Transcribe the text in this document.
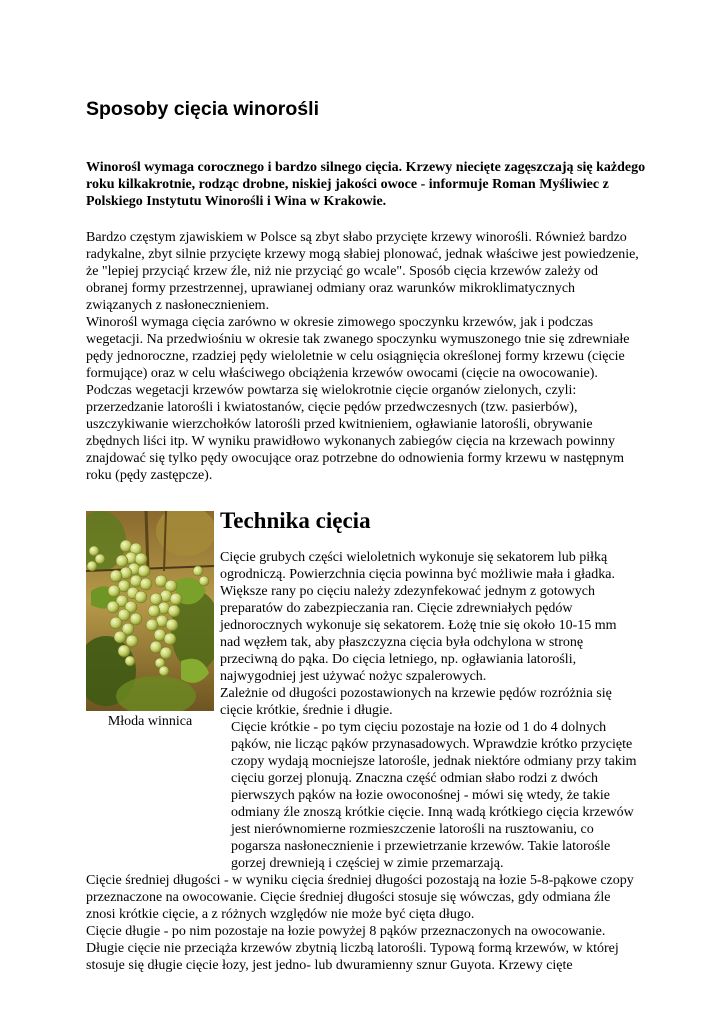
Sposoby cięcia winorośli

Winorośl wymaga corocznego i bardzo silnego cięcia. Krzewy niecięte zagęszczają się każdego roku kilkakrotnie, rodząc drobne, niskiej jakości owoce - informuje Roman Myśliwiec z Polskiego Instytutu Winorośli i Wina w Krakowie.

Bardzo częstym zjawiskiem w Polsce są zbyt słabo przycięte krzewy winorośli. Również bardzo radykalne, zbyt silnie przycięte krzewy mogą słabiej plonować, jednak właściwe jest powiedzenie, że "lepiej przyciąć krzew źle, niż nie przyciąć go wcale". Sposób cięcia krzewów zależy od obranej formy przestrzennej, uprawianej odmiany oraz warunków mikroklimatycznych związanych z nasłonecznieniem.

Winorośl wymaga cięcia zarówno w okresie zimowego spoczynku krzewów, jak i podczas wegetacji. Na przedwiośniu w okresie tak zwanego spoczynku wymuszonego tnie się zdrewniałe pędy jednoroczne, rzadziej pędy wieloletnie w celu osiągnięcia określonej formy krzewu (cięcie formujące) oraz w celu właściwego obciążenia krzewów owocami (cięcie na owocowanie). Podczas wegetacji krzewów powtarza się wielokrotnie cięcie organów zielonych, czyli: przerzedzanie latorośli i kwiatostanów, cięcie pędów przedwczesnych (tzw. pasierbów), uszczykiwanie wierzchołków latorośli przed kwitnieniem, ogławianie latorośli, obrywanie zbędnych liści itp. W wyniku prawidłowo wykonanych zabiegów cięcia na krzewach powinny znajdować się tylko pędy owocujące oraz potrzebne do odnowienia formy krzewu w następnym roku (pędy zastępcze).

Młoda winnica

Technika cięcia

Cięcie grubych części wieloletnich wykonuje się sekatorem lub piłką ogrodniczą. Powierzchnia cięcia powinna być możliwie mała i gładka. Większe rany po cięciu należy zdezynfekować jednym z gotowych preparatów do zabezpieczania ran. Cięcie zdrewniałych pędów jednorocznych wykonuje się sekatorem. Łożę tnie się około 10-15 mm nad węzłem tak, aby płaszczyzna cięcia była odchylona w stronę przeciwną do pąka. Do cięcia letniego, np. ogławiania latorośli, najwygodniej jest używać nożyc szpalerowych.

Zależnie od długości pozostawionych na krzewie pędów rozróżnia się cięcie krótkie, średnie i długie.

Cięcie krótkie - po tym cięciu pozostaje na łozie od 1 do 4 dolnych pąków, nie licząc pąków przynasadowych. Wprawdzie krótko przycięte czopy wydają mocniejsze latorośle, jednak niektóre odmiany przy takim cięciu gorzej plonują. Znaczna część odmian słabo rodzi z dwóch pierwszych pąków na łozie owoconośnej - mówi się wtedy, że takie odmiany źle znoszą krótkie cięcie. Inną wadą krótkiego cięcia krzewów jest nierównomierne rozmieszczenie latorośli na rusztowaniu, co pogarsza nasłonecznienie i przewietrzanie krzewów. Takie latorośle gorzej drewnieją i częściej w zimie przemarzają.

Cięcie średniej długości - w wyniku cięcia średniej długości pozostają na łozie 5-8-pąkowe czopy przeznaczone na owocowanie. Cięcie średniej długości stosuje się wówczas, gdy odmiana źle znosi krótkie cięcie, a z różnych względów nie może być cięta długo.

Cięcie długie - po nim pozostaje na łozie powyżej 8 pąków przeznaczonych na owocowanie. Długie cięcie nie przeciąża krzewów zbytnią liczbą latorośli. Typową formą krzewów, w której stosuje się długie cięcie łozy, jest jedno- lub dwuramienny sznur Guyota. Krzewy cięte
